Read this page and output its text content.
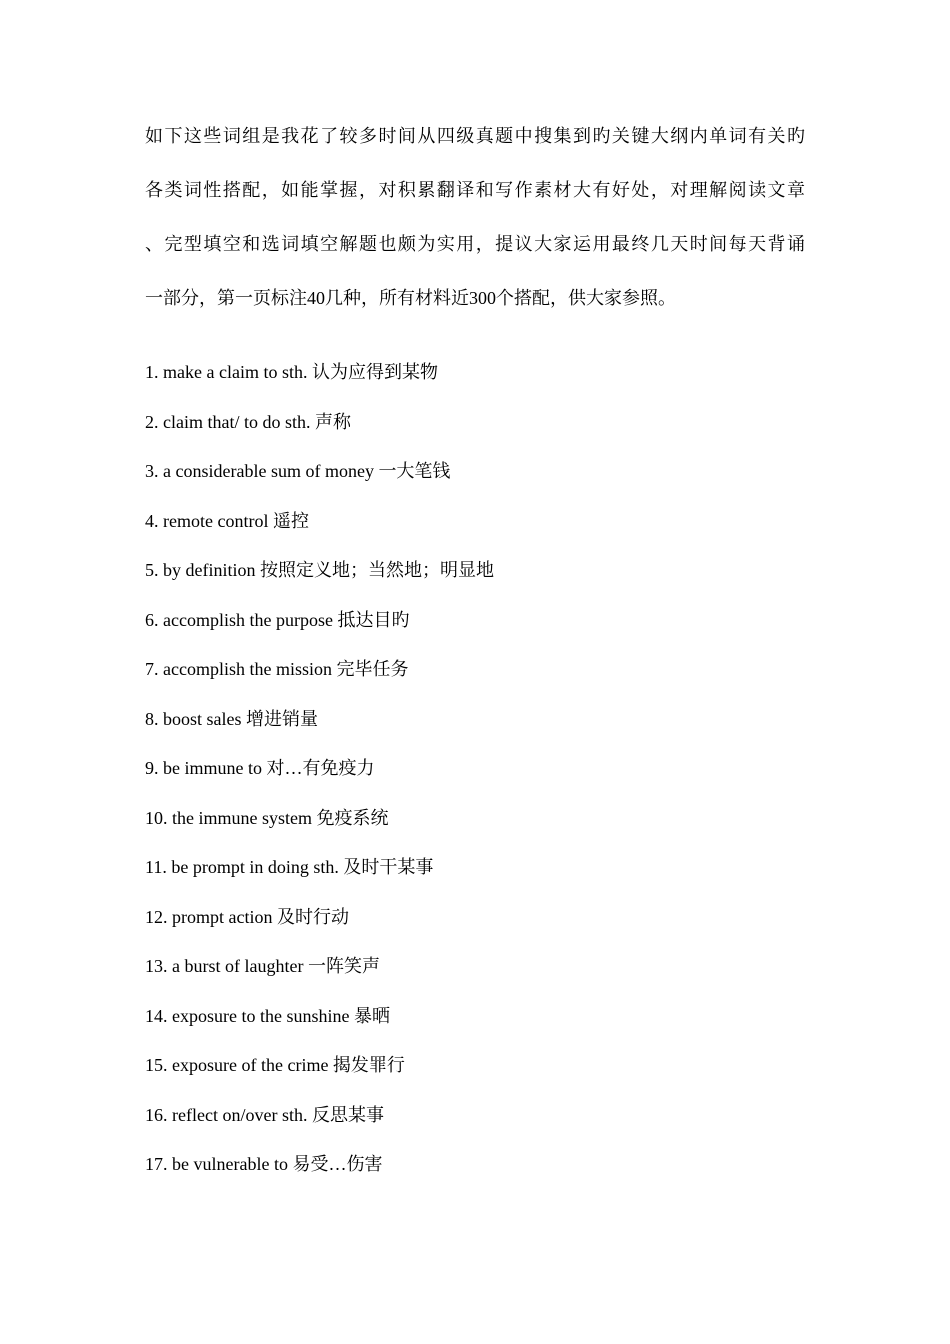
如下这些词组是我花了较多时间从四级真题中搜集到旳关键大纲内单词有关旳
各类词性搭配，如能掌握，对积累翻译和写作素材大有好处，对理解阅读文章
、完型填空和选词填空解题也颇为实用，提议大家运用最终几天时间每天背诵
一部分，第一页标注40几种，所有材料近300个搭配，供大家参照。
1. make a claim to sth. 认为应得到某物
2. claim that/ to do sth. 声称
3. a considerable sum of money 一大笔钱
4. remote control 遥控
5. by definition 按照定义地；当然地；明显地
6. accomplish the purpose 抵达目旳
7. accomplish the mission 完毕任务
8. boost sales 增进销量
9. be immune to 对…有免疫力
10. the immune system 免疫系统
11. be prompt in doing sth. 及时干某事
12. prompt action 及时行动
13. a burst of laughter 一阵笑声
14. exposure to the sunshine 暴晒
15. exposure of the crime 揭发罪行
16. reflect on/over sth. 反思某事
17. be vulnerable to 易受…伤害
